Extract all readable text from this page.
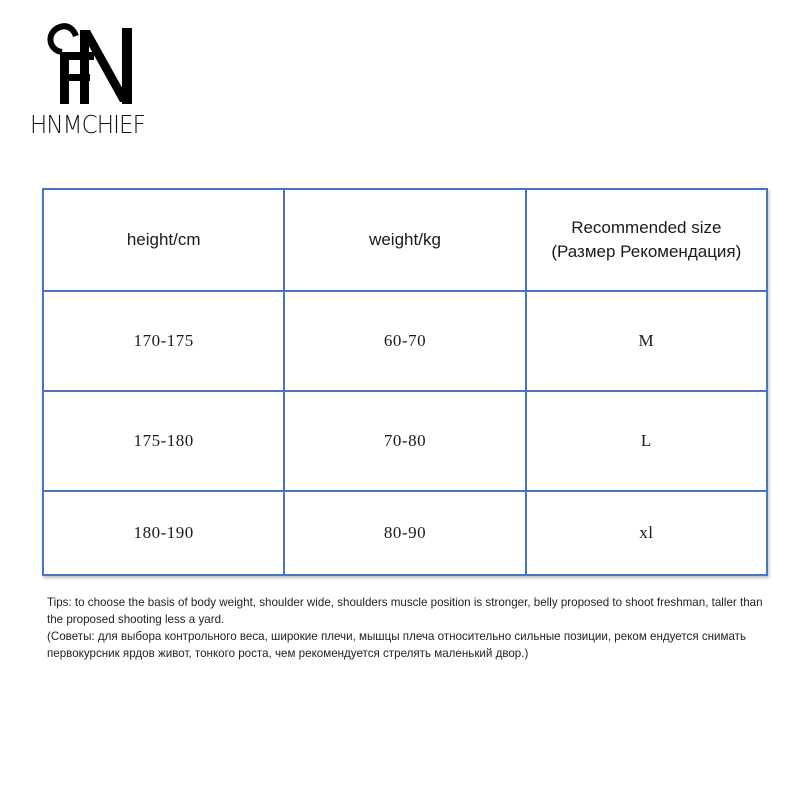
HNMCHIEF
height/cm	weight/kg	Recommended size
(Размер Рекомендация)

170-175	60-70	M
175-180	70-80	L
180-190	80-90	xl

Tips: to choose the basis of body weight, shoulder wide, shoulders muscle position is stronger, belly proposed to shoot freshman, taller than the proposed shooting less a yard.

(Советы: для выбора контрольного веса, широкие плечи, мышцы плеча относительно сильные позиции, реком ендуется снимать первокурсник ярдов живот, тонкого роста, чем рекомендуется стрелять маленький двор.)
